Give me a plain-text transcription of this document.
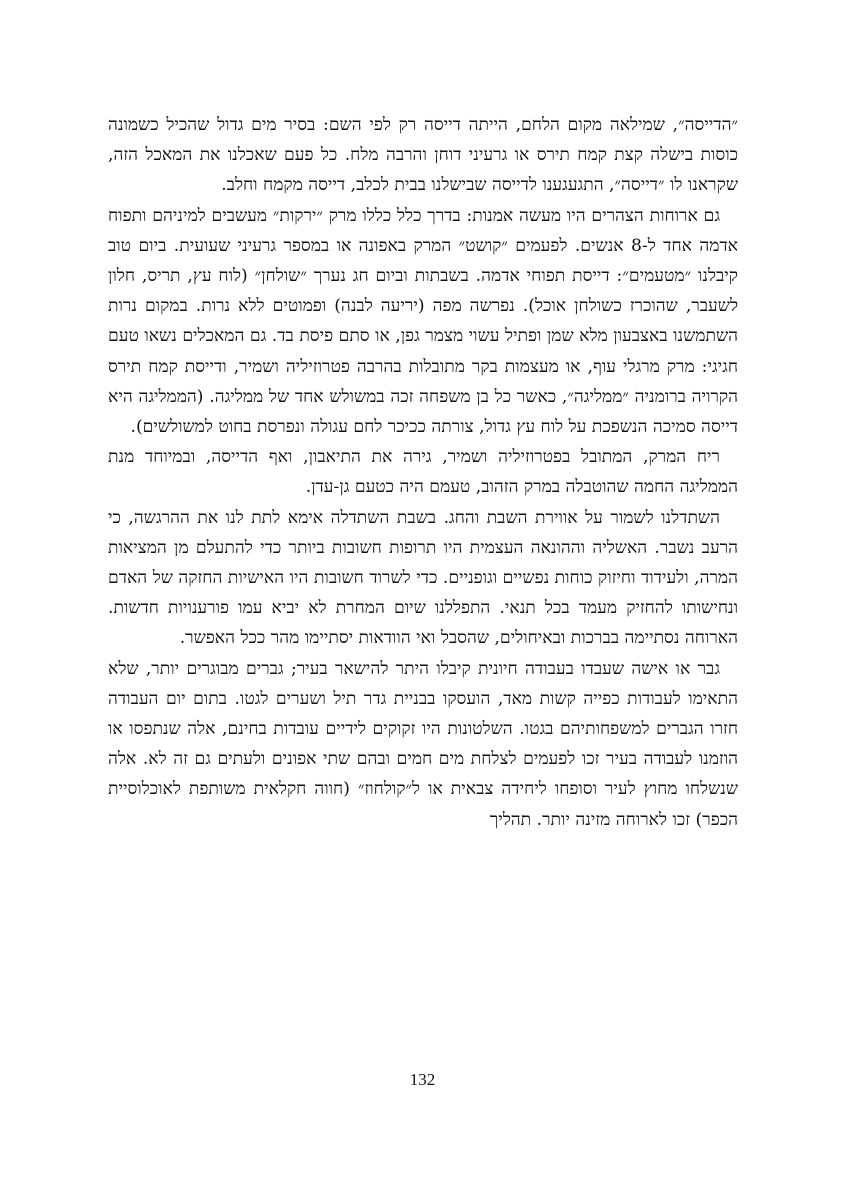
״הדייסה״, שמילאה מקום הלחם, הייתה דייסה רק לפי השם: בסיר מים גדול שהכיל כשמונה כוסות בישלה קצת קמח תירס או גרעיני דוחן והרבה מלח. כל פעם שאכלנו את המאכל הזה, שקראנו לו ״דייסה״, התגעגענו לדייסה שבישלנו בבית לכלב, דייסה מקמח וחלב.

גם ארוחות הצהרים היו מעשה אמנות: בדרך כלל כללו מרק ״ירקות״ מעשבים למיניהם ותפוח אדמה אחד ל-8 אנשים. לפעמים ״קושט״ המרק באפונה או במספר גרעיני שעועית. ביום טוב קיבלנו ״מטעמים״: דייסת תפוחי אדמה. בשבתות וביום חג נערך ״שולחן״ (לוח עץ, תריס, חלון לשעבר, שהוכרז כשולחן אוכל). נפרשה מפה (יריעה לבנה) ופמוטים ללא נרות. במקום נרות השתמשנו באצבעון מלא שמן ופתיל עשוי מצמר גפן, או סתם פיסת בד. גם המאכלים נשאו טעם חגיגי: מרק מרגלי עוף, או מעצמות בקר מתובלות בהרבה פטרוזיליה ושמיר, ודייסת קמח תירס הקרויה ברומניה ״ממליגה״, כאשר כל בן משפחה זכה במשולש אחד של ממליגה. (הממליגה היא דייסה סמיכה הנשפכת על לוח עץ גדול, צורתה ככיכר לחם עגולה ונפרסת בחוט למשולשים).

ריח המרק, המתובל בפטרוזיליה ושמיר, גירה את התיאבון, ואף הדייסה, ובמיוחד מנת הממליגה החמה שהוטבלה במרק הזהוב, טעמם היה כטעם גן-עדן.

השתדלנו לשמור על אווירת השבת והחג. בשבת השתדלה אימא לתת לנו את ההרגשה, כי הרעב נשבר. האשליה וההונאה העצמית היו תרופות חשובות ביותר כדי להתעלם מן המציאות המרה, ולעידוד וחיזוק כוחות נפשיים וגופניים. כדי לשרוד חשובות היו האישיות החזקה של האדם ונחישותו להחזיק מעמד בכל תנאי. התפללנו שיום המחרת לא יביא עמו פורענויות חדשות. הארוחה נסתיימה בברכות ובאיחולים, שהסבל ואי הוודאות יסתיימו מהר ככל האפשר.

גבר או אישה שעבדו בעבודה חיונית קיבלו היתר להישאר בעיר; גברים מבוגרים יותר, שלא התאימו לעבודות כפייה קשות מאד, הועסקו בבניית גדר תיל ושערים לגטו. בתום יום העבודה חזרו הגברים למשפחותיהם בגטו. השלטונות היו זקוקים לידיים עובדות בחינם, אלה שנתפסו או הוזמנו לעבודה בעיר זכו לפעמים לצלחת מים חמים ובהם שתי אפונים ולעתים גם זה לא. אלה שנשלחו מחוץ לעיר וסופחו ליחידה צבאית או ל״קולחוז״ (חווה חקלאית משותפת לאוכלוסיית הכפר) זכו לארוחה מזינה יותר. תהליך

132
